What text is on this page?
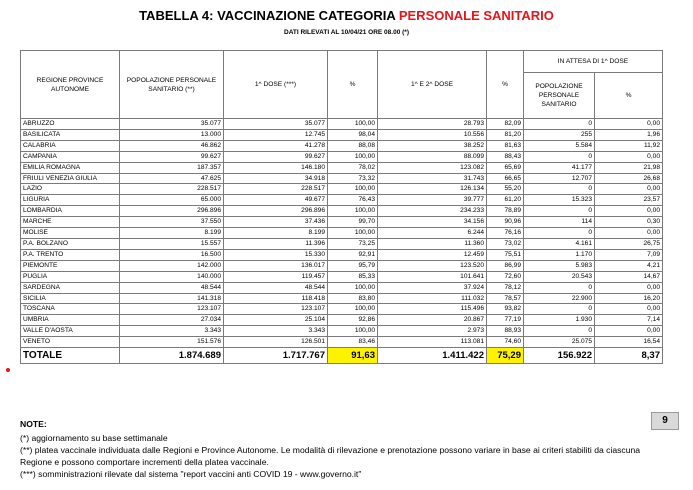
TABELLA 4: VACCINAZIONE CATEGORIA PERSONALE SANITARIO
DATI RILEVATI AL 10/04/21 ORE 08.00 (*)
REGIONE PROVINCE AUTONOME	POPOLAZIONE PERSONALE SANITARIO (**)	1^ DOSE (***)	%	1^ E 2^ DOSE	%	IN ATTESA DI 1^ DOSE	
						POPOLAZIONE PERSONALE SANITARIO	%
ABRUZZO	35.077	35.077	100,00	28.793	82,09	0	0,00
BASILICATA	13.000	12.745	98,04	10.556	81,20	255	1,96
CALABRIA	46.862	41.278	88,08	38.252	81,63	5.584	11,92
CAMPANIA	99.627	99.627	100,00	88.099	88,43	0	0,00
EMILIA ROMAGNA	187.357	146.180	78,02	123.082	65,69	41.177	21,98
FRIULI VENEZIA GIULIA	47.625	34.918	73,32	31.743	66,65	12.707	26,68
LAZIO	228.517	228.517	100,00	126.134	55,20	0	0,00
LIGURIA	65.000	49.677	76,43	39.777	61,20	15.323	23,57
LOMBARDIA	296.896	296.896	100,00	234.233	78,89	0	0,00
MARCHE	37.550	37.436	99,70	34.156	90,96	114	0,30
MOLISE	8.199	8.199	100,00	6.244	76,16	0	0,00
P.A. BOLZANO	15.557	11.396	73,25	11.360	73,02	4.161	26,75
P.A. TRENTO	16.500	15.330	92,91	12.459	75,51	1.170	7,09
PIEMONTE	142.000	136.017	95,79	123.520	86,99	5.983	4,21
PUGLIA	140.000	119.457	85,33	101.641	72,60	20.543	14,67
SARDEGNA	48.544	48.544	100,00	37.924	78,12	0	0,00
SICILIA	141.318	118.418	83,80	111.032	78,57	22.900	16,20
TOSCANA	123.107	123.107	100,00	115.496	93,82	0	0,00
UMBRIA	27.034	25.104	92,86	20.867	77,19	1.930	7,14
VALLE D'AOSTA	3.343	3.343	100,00	2.973	88,93	0	0,00
VENETO	151.576	126.501	83,46	113.081	74,60	25.075	16,54
TOTALE	1.874.689	1.717.767	91,63	1.411.422	75,29	156.922	8,37
9
NOTE:
(*) aggiornamento su base settimanale
(**) platea vaccinale individuata dalle Regioni e Province Autonome. Le modalità di rilevazione e prenotazione possono variare in base ai criteri stabiliti da ciascuna Regione e possono comportare incrementi della platea vaccinale.
(***) somministrazioni rilevate dal sistema "report vaccini anti COVID 19 - www.governo.it"
